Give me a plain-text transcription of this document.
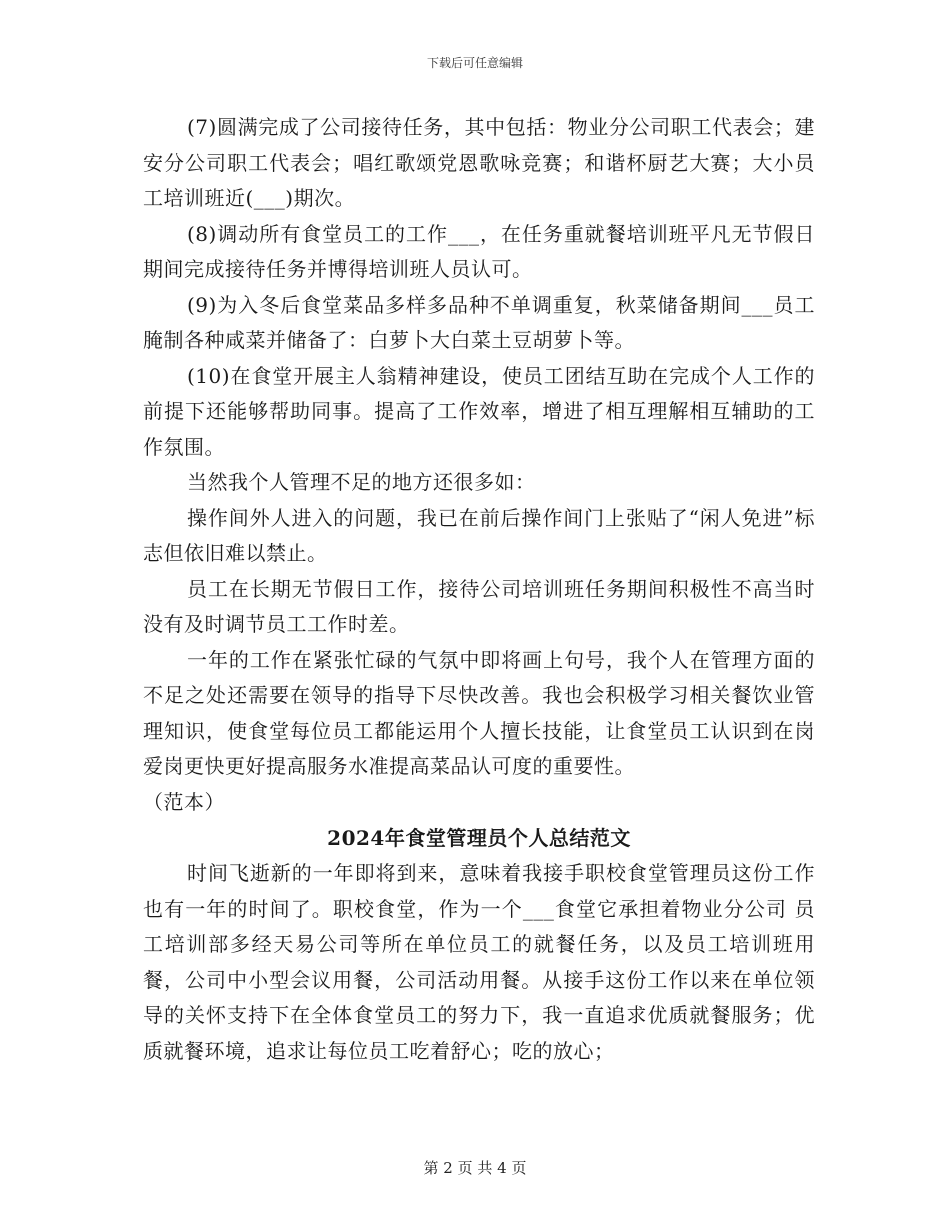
下载后可任意编辑

(7)圆满完成了公司接待任务，其中包括：物业分公司职工代表会；建安分公司职工代表会；唱红歌颂党恩歌咏竞赛；和谐杯厨艺大赛；大小员工培训班近(___)期次。

(8)调动所有食堂员工的工作___，在任务重就餐培训班平凡无节假日期间完成接待任务并博得培训班人员认可。

(9)为入冬后食堂菜品多样多品种不单调重复，秋菜储备期间___员工腌制各种咸菜并储备了：白萝卜大白菜土豆胡萝卜等。

(10)在食堂开展主人翁精神建设，使员工团结互助在完成个人工作的前提下还能够帮助同事。提高了工作效率，增进了相互理解相互辅助的工作氛围。

当然我个人管理不足的地方还很多如：

操作间外人进入的问题，我已在前后操作间门上张贴了“闲人免进”标志但依旧难以禁止。

员工在长期无节假日工作，接待公司培训班任务期间积极性不高当时没有及时调节员工工作时差。

一年的工作在紧张忙碌的气氛中即将画上句号，我个人在管理方面的不足之处还需要在领导的指导下尽快改善。我也会积极学习相关餐饮业管理知识，使食堂每位员工都能运用个人擅长技能，让食堂员工认识到在岗爱岗更快更好提高服务水准提高菜品认可度的重要性。

（范本）

2024年食堂管理员个人总结范文

时间飞逝新的一年即将到来，意味着我接手职校食堂管理员这份工作也有一年的时间了。职校食堂，作为一个___食堂它承担着物业分公司 员工培训部多经天易公司等所在单位员工的就餐任务，以及员工培训班用餐，公司中小型会议用餐，公司活动用餐。从接手这份工作以来在单位领导的关怀支持下在全体食堂员工的努力下，我一直追求优质就餐服务；优质就餐环境，追求让每位员工吃着舒心；吃的放心；

第 2 页 共 4 页
